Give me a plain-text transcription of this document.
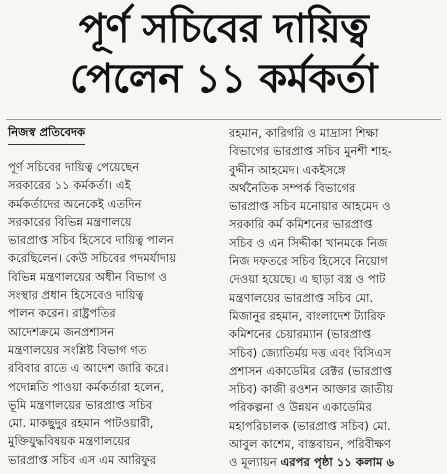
পূর্ণ সচিবের দায়িত্ব
পেলেন ১১ কর্মকর্তা
নিজস্ব প্রতিবেদক

পূর্ণ সচিবের দায়িত্ব পেয়েছেন

সরকারের ১১ কর্মকর্তা। এই

কর্মকর্তাদের অনেকেই এতদিন

সরকারের বিভিন্ন মন্ত্রণালয়ে

ভারপ্রাপ্ত সচিব হিসেবে দায়িত্ব পালন

করেছিলেন। কেউ সচিবের পদমর্যাদায়

বিভিন্ন মন্ত্রণালয়ের অধীন বিভাগ ও

সংস্থার প্রধান হিসেবেও দায়িত্ব

পালন করেন। রাষ্ট্রপতির

আদেশক্রমে জনপ্রশাসন

মন্ত্রণালয়ের সংশ্লিষ্ট বিভাগ গত

রবিবার রাতে এ আদেশ জারি করে।

পদোন্নতি পাওয়া কর্মকর্তারা হলেন,

ভূমি মন্ত্রণালয়ের ভারপ্রাপ্ত সচিব

মো. মাকছুদুর রহমান পাটওয়ারী,

মুক্তিযুদ্ধবিষয়ক মন্ত্রণালয়ের

ভারপ্রাপ্ত সচিব এস এম আরিফুর

রহমান, কারিগরি ও মাদ্রাসা শিক্ষা

বিভাগের ভারপ্রাপ্ত সচিব মুনশী শাহ-

বুদ্দীন আহমেদ। একইসঙ্গে

অর্থনৈতিক সম্পর্ক বিভাগের

ভারপ্রাপ্ত সচিব মনোয়ার আহমেদ ও

সরকারি কর্ম কমিশনের ভারপ্রাপ্ত

সচিব ও এন সিদ্দীকা খানমকে নিজ

নিজ দফতরে সচিব হিসেবে নিয়োগ

দেওয়া হয়েছে। এ ছাড়া বস্ত্র ও পাট

মন্ত্রণালয়ের ভারপ্রাপ্ত সচিব মো.

মিজানুর রহমান, বাংলাদেশ ট্যারিফ

কমিশনের চেয়ারম্যান (ভারপ্রাপ্ত

সচিব) জ্যোতির্ময় দত্ত এবং বিসিএস

প্রশাসন একাডেমির রেক্টর (ভারপ্রাপ্ত

সচিব) কাজী রওশন আক্তার জাতীয়

পরিকল্পনা ও উন্নয়ন একাডেমির

মহাপরিচালক (ভারপ্রাপ্ত সচিব) মো.

আবুল কাশেম, বাস্তবায়ন, পরিবীক্ষণ

ও মূল্যায়ন এরপর পৃষ্ঠা ১১ কলাম ৬
